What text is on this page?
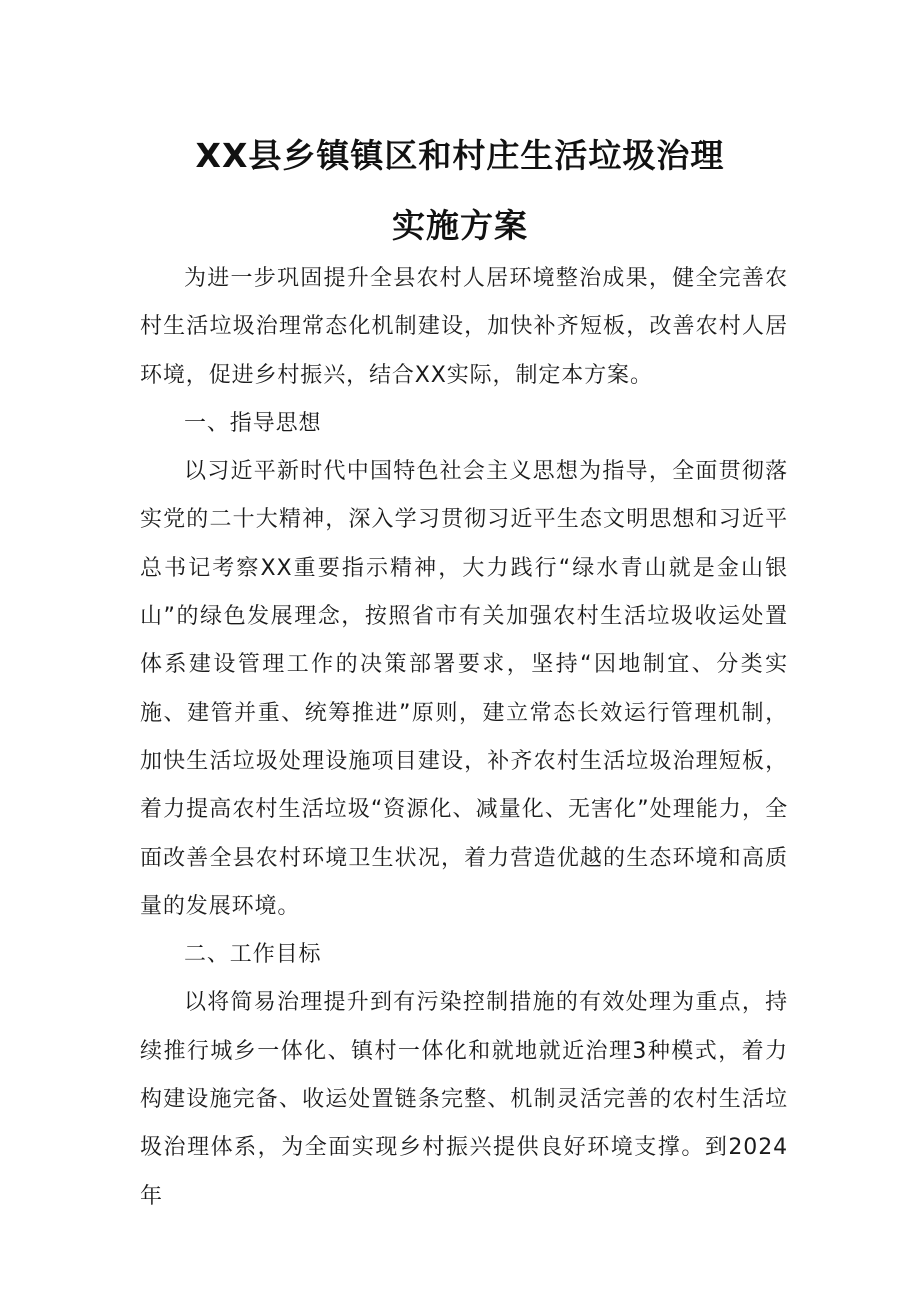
XX县乡镇镇区和村庄生活垃圾治理
实施方案

为进一步巩固提升全县农村人居环境整治成果，健全完善农村生活垃圾治理常态化机制建设，加快补齐短板，改善农村人居环境，促进乡村振兴，结合XX实际，制定本方案。

一、指导思想

以习近平新时代中国特色社会主义思想为指导，全面贯彻落实党的二十大精神，深入学习贯彻习近平生态文明思想和习近平总书记考察XX重要指示精神，大力践行“绿水青山就是金山银山”的绿色发展理念，按照省市有关加强农村生活垃圾收运处置体系建设管理工作的决策部署要求，坚持“因地制宜、分类实施、建管并重、统筹推进”原则，建立常态长效运行管理机制，加快生活垃圾处理设施项目建设，补齐农村生活垃圾治理短板，着力提高农村生活垃圾“资源化、减量化、无害化”处理能力，全面改善全县农村环境卫生状况，着力营造优越的生态环境和高质量的发展环境。

二、工作目标

以将简易治理提升到有污染控制措施的有效处理为重点，持续推行城乡一体化、镇村一体化和就地就近治理3种模式，着力构建设施完备、收运处置链条完整、机制灵活完善的农村生活垃圾治理体系，为全面实现乡村振兴提供良好环境支撑。到2024年
